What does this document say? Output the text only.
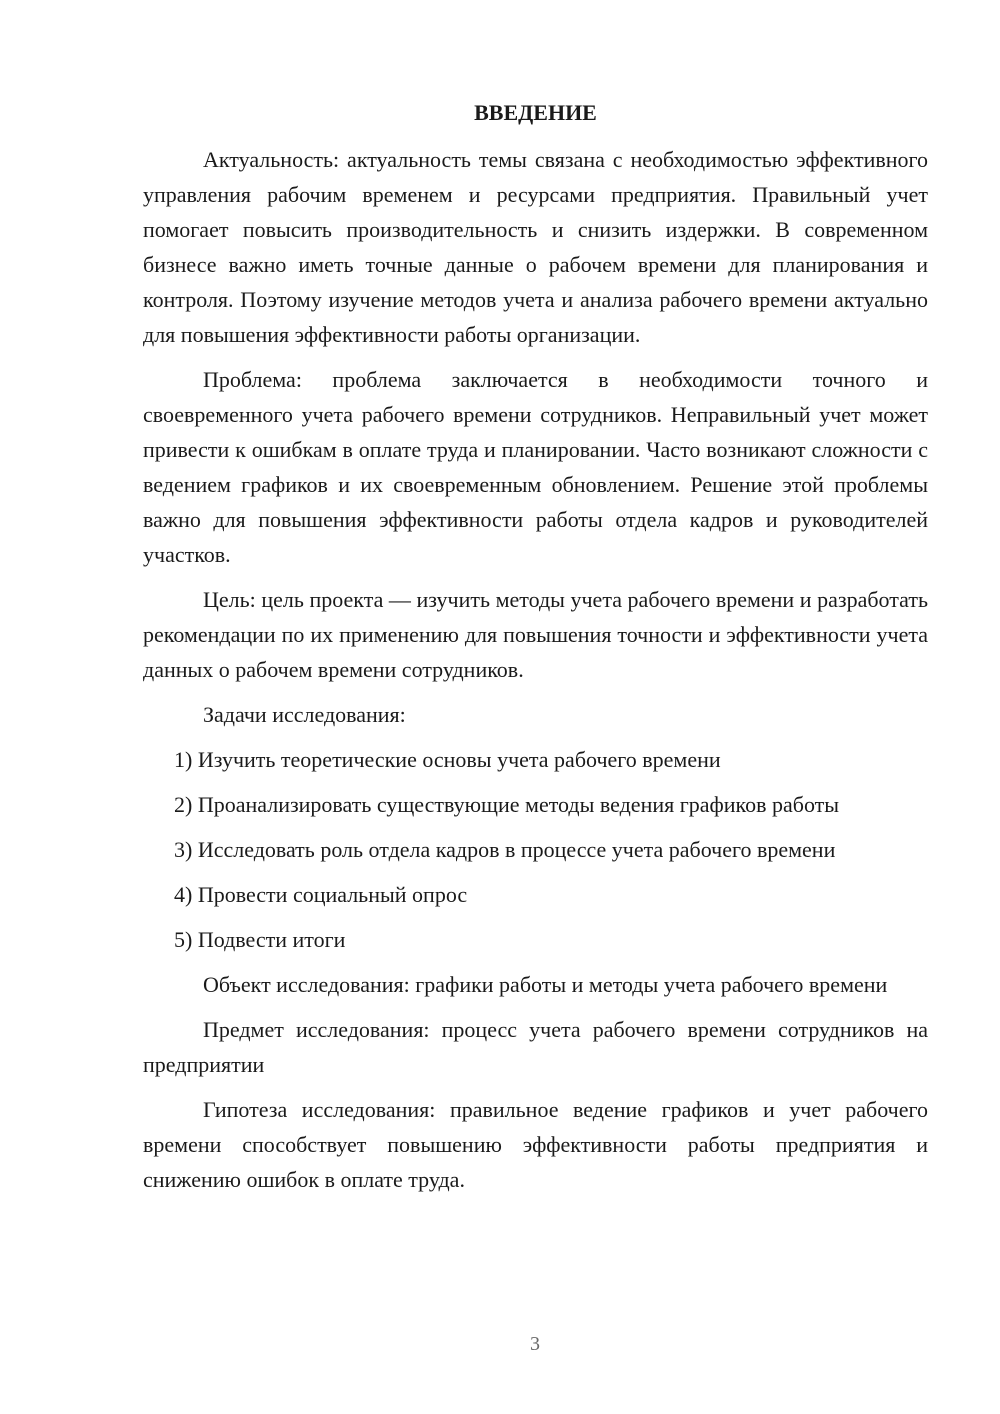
ВВЕДЕНИЕ

Актуальность: актуальность темы связана с необходимостью эффективного управления рабочим временем и ресурсами предприятия. Правильный учет помогает повысить производительность и снизить издержки. В современном бизнесе важно иметь точные данные о рабочем времени для планирования и контроля. Поэтому изучение методов учета и анализа рабочего времени актуально для повышения эффективности работы организации.

Проблема: проблема заключается в необходимости точного и своевременного учета рабочего времени сотрудников. Неправильный учет может привести к ошибкам в оплате труда и планировании. Часто возникают сложности с ведением графиков и их своевременным обновлением. Решение этой проблемы важно для повышения эффективности работы отдела кадров и руководителей участков.

Цель: цель проекта — изучить методы учета рабочего времени и разработать рекомендации по их применению для повышения точности и эффективности учета данных о рабочем времени сотрудников.

Задачи исследования:

1) Изучить теоретические основы учета рабочего времени

2) Проанализировать существующие методы ведения графиков работы

3) Исследовать роль отдела кадров в процессе учета рабочего времени

4) Провести социальный опрос

5) Подвести итоги

Объект исследования: графики работы и методы учета рабочего времени

Предмет исследования: процесс учета рабочего времени сотрудников на предприятии

Гипотеза исследования: правильное ведение графиков и учет рабочего времени способствует повышению эффективности работы предприятия и снижению ошибок в оплате труда.

3
